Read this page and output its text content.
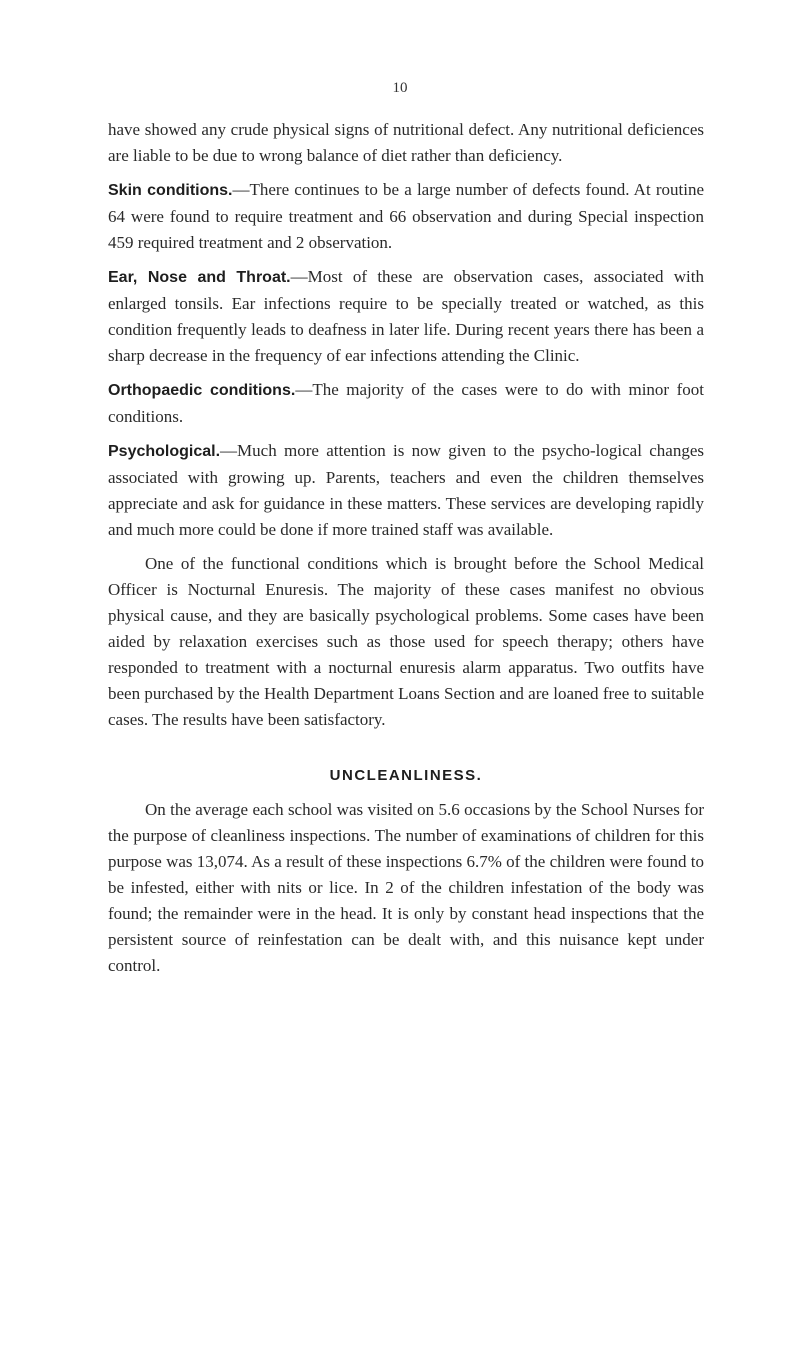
10

have showed any crude physical signs of nutritional defect. Any nutritional deficiences are liable to be due to wrong balance of diet rather than deficiency.

Skin conditions.—There continues to be a large number of defects found. At routine 64 were found to require treatment and 66 observation and during Special inspection 459 required treatment and 2 observation.

Ear, Nose and Throat.—Most of these are observation cases, associated with enlarged tonsils. Ear infections require to be specially treated or watched, as this condition frequently leads to deafness in later life. During recent years there has been a sharp decrease in the frequency of ear infections attending the Clinic.

Orthopaedic conditions.—The majority of the cases were to do with minor foot conditions.

Psychological.—Much more attention is now given to the psycho-logical changes associated with growing up. Parents, teachers and even the children themselves appreciate and ask for guidance in these matters. These services are developing rapidly and much more could be done if more trained staff was available.

One of the functional conditions which is brought before the School Medical Officer is Nocturnal Enuresis. The majority of these cases manifest no obvious physical cause, and they are basically psychological problems. Some cases have been aided by relaxation exercises such as those used for speech therapy; others have responded to treatment with a nocturnal enuresis alarm apparatus. Two outfits have been purchased by the Health Department Loans Section and are loaned free to suitable cases. The results have been satisfactory.

UNCLEANLINESS.

On the average each school was visited on 5.6 occasions by the School Nurses for the purpose of cleanliness inspections. The number of examinations of children for this purpose was 13,074. As a result of these inspections 6.7% of the children were found to be infested, either with nits or lice. In 2 of the children infestation of the body was found; the remainder were in the head. It is only by constant head inspections that the persistent source of reinfestation can be dealt with, and this nuisance kept under control.
